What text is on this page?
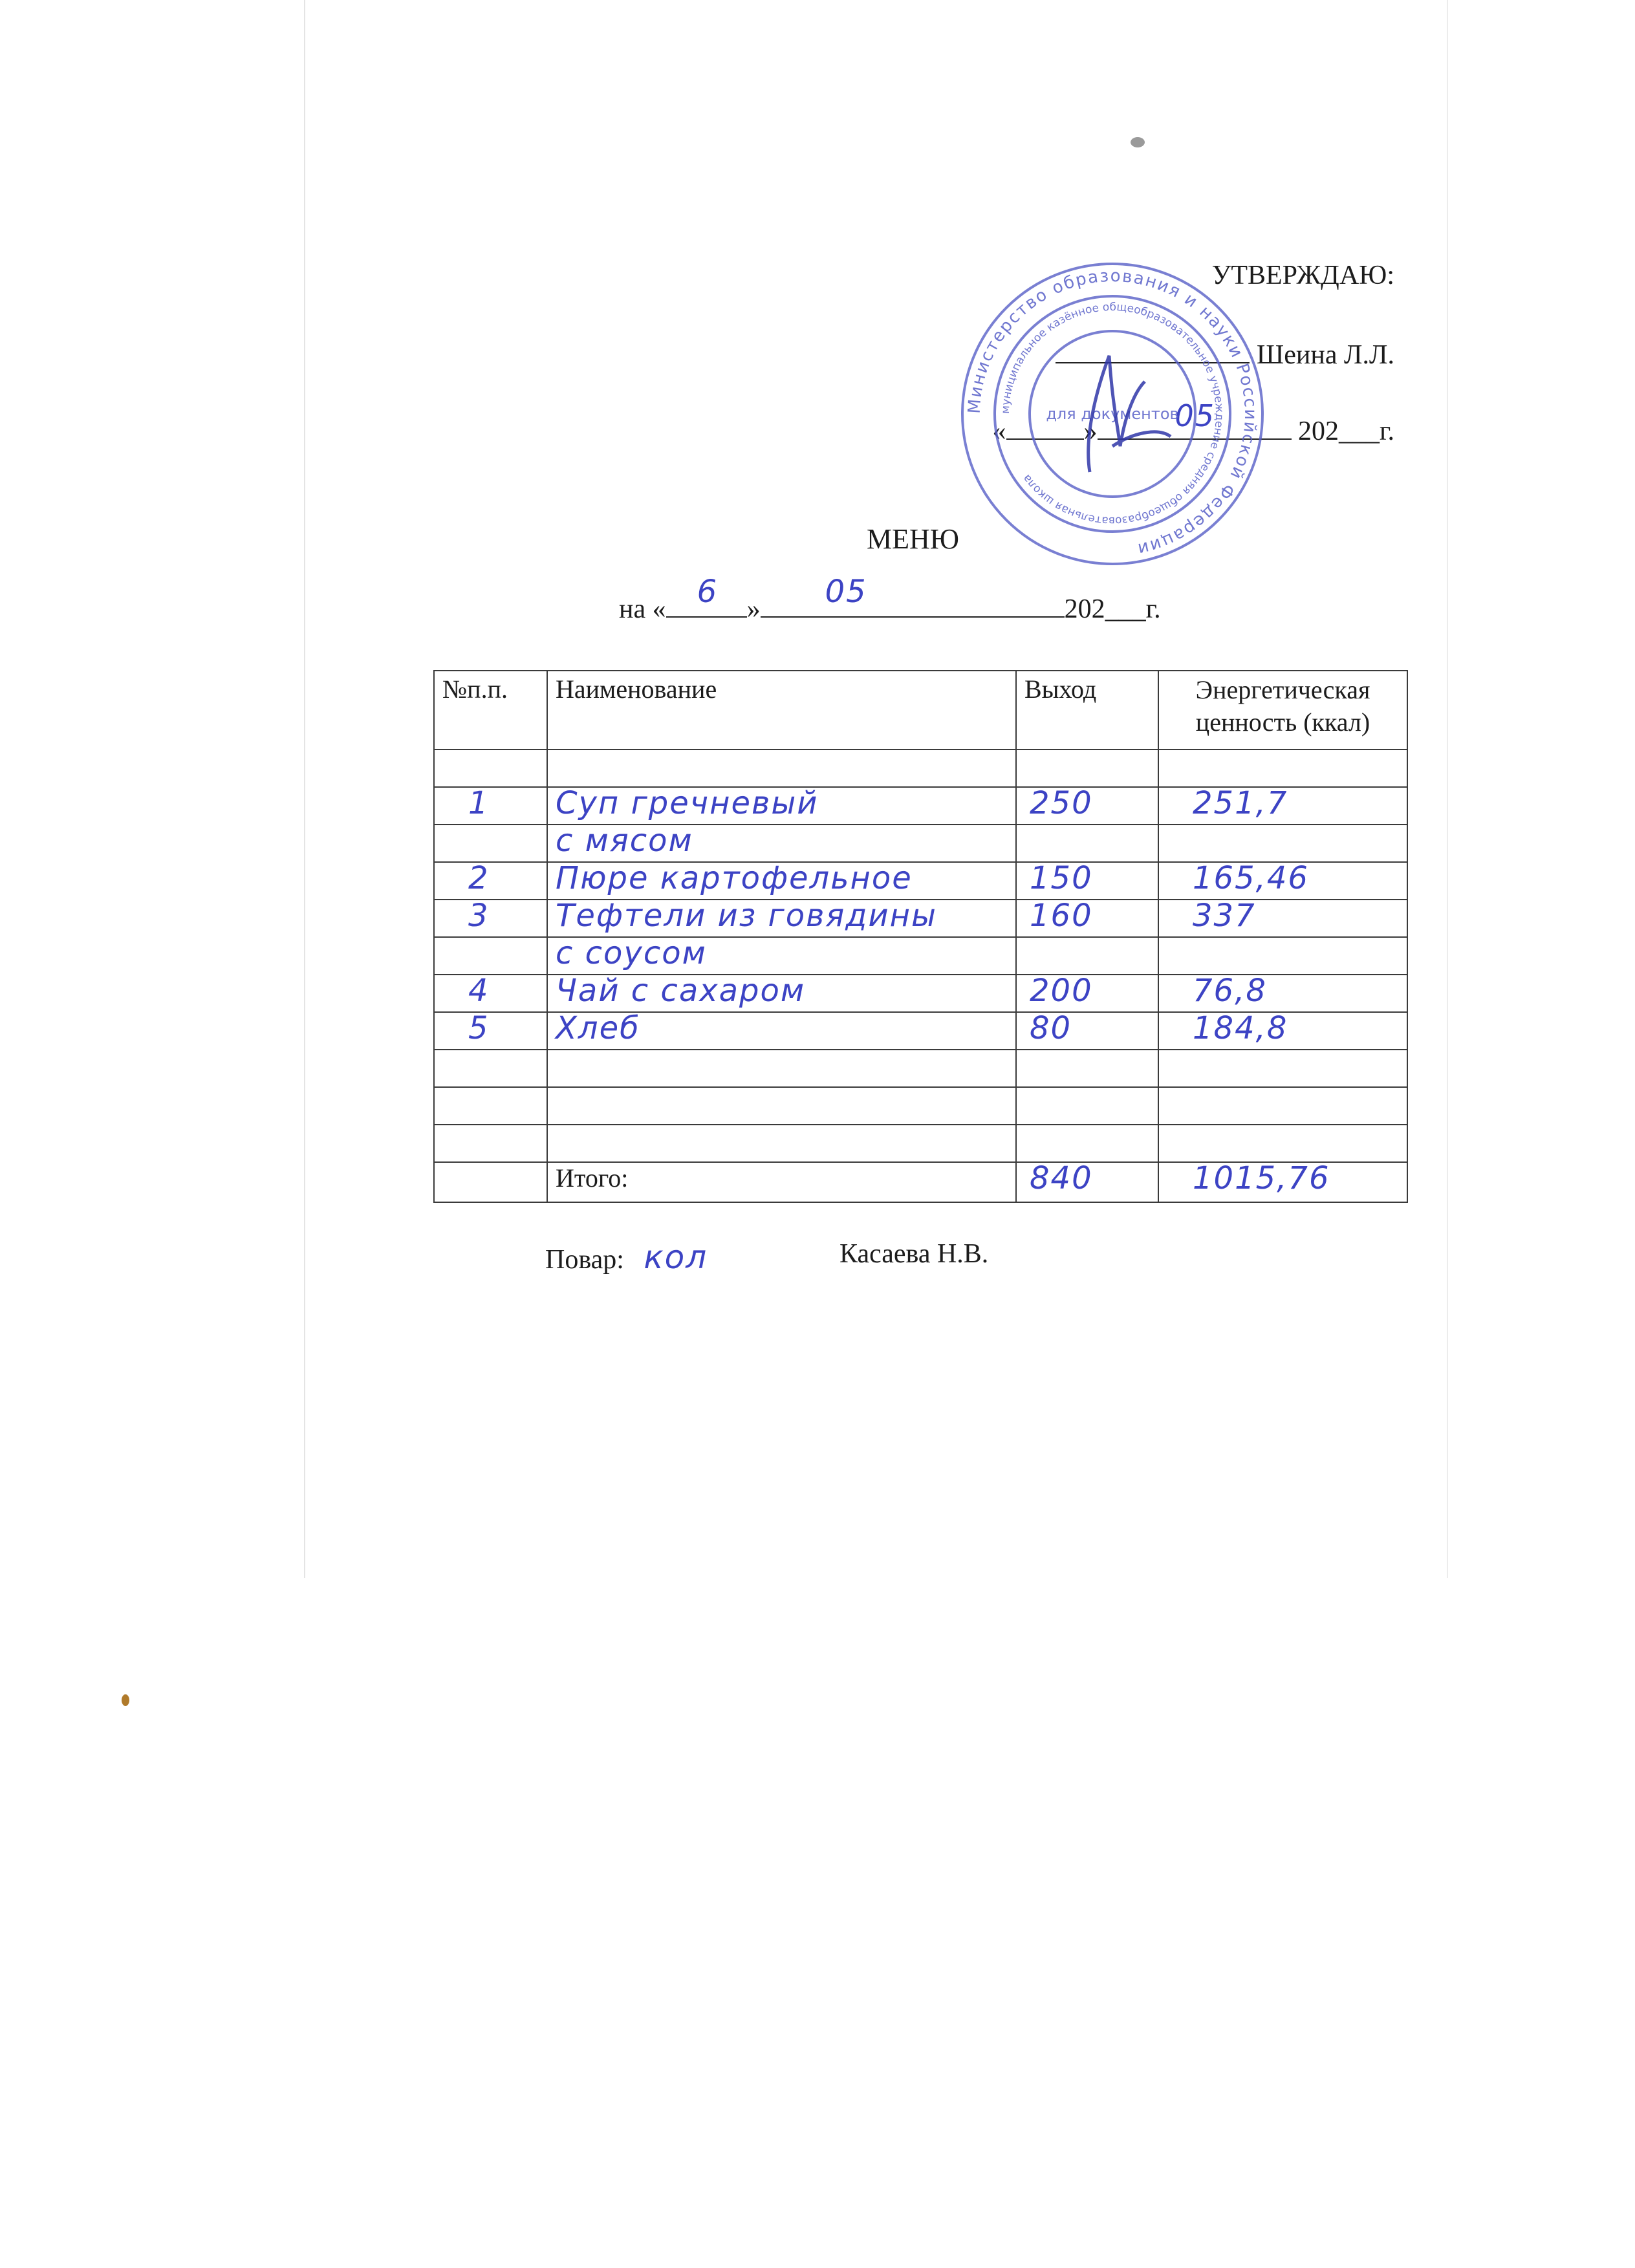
УТВЕРЖДАЮ:
Шеина Л.Л.
«	»	05	202___г.
МЕНЮ
на « 6 » 05	202___г.
№п.п.	Наименование	Выход	Энергетическая ценность (ккал)

1	Суп гречневый	250	251,7
	с мясом		
2	Пюре картофельное	150	165,46
3	Тефтели из говядины	160	337
	с соусом		
4	Чай с сахаром	200	76,8
5	Хлеб	80	184,8

	Итого:	840	1015,76
Повар: кол	Касаева Н.В.
Министерство образования и науки Российской Федерации
муниципальное казённое общеобразовательное учреждение средняя общеобразовательная школа
для документов
